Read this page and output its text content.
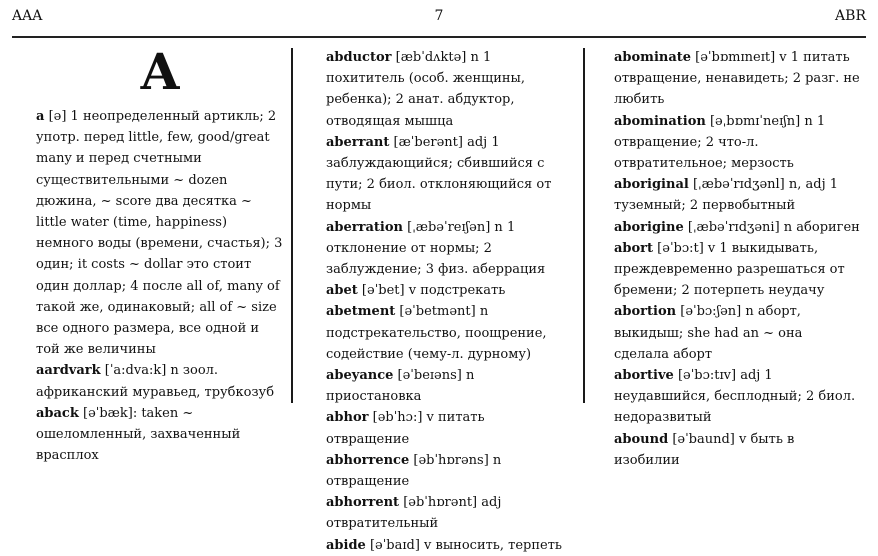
AAA	7	ABR
A
a [ə] 1 неопределенный артикль; 2 употр. перед little, few, good/great many и перед счетными существительными ~ dozen дюжина, ~ score два десятка ~ little water (time, happiness) немного воды (времени, счастья); 3 один; it costs ~ dollar это стоит один доллар; 4 после all of, many of такой же, одинаковый; all of ~ size все одного размера, все одной и той же величины
aardvark [ˈa:dva:k] n зоол. африканский муравьед, трубкозуб
aback [əˈbæk]: taken ~ ошеломленный, захваченный врасплох
abductor [æbˈdʌktə] n 1 похититель (особ. женщины, ребенка); 2 анат. абдуктор, отводящая мышца
aberrant [æˈberənt] adj 1 заблуждающийся; сбившийся с пути; 2 биол. отклоняющийся от нормы
aberration [ˌæbəˈreɪʃən] n 1 отклонение от нормы; 2 заблуждение; 3 физ. аберрация
abet [əˈbet] v подстрекать
abetment [əˈbetmənt] n подстрекательство, поощрение, содействие (чему-л. дурному)
abeyance [əˈbeɪəns] n приостановка
abhor [əbˈhɔ:] v питать отвращение
abhorrence [əbˈhɒrəns] n отвращение
abhorrent [əbˈhɒrənt] adj отвратительный
abide [əˈbaɪd] v выносить, терпеть
abominate [əˈbɒmɪneɪt] v 1 питать отвращение, ненавидеть; 2 разг. не любить
abomination [əˌbɒmɪˈneɪʃn] n 1 отвращение; 2 что-л. отвратительное; мерзость
aboriginal [ˌæbəˈrɪdʒənl] n, adj 1 туземный; 2 первобытный
aborigine [ˌæbəˈrɪdʒəni] n абориген
abort [əˈbɔ:t] v 1 выкидывать, преждевременно разрешаться от бремени; 2 потерпеть неудачу
abortion [əˈbɔ:ʃən] n аборт, выкидыш; she had an ~ она сделала аборт
abortive [əˈbɔ:tɪv] adj 1 неудавшийся, бесплодный; 2 биол. недоразвитый
abound [əˈbaund] v быть в изобилии
